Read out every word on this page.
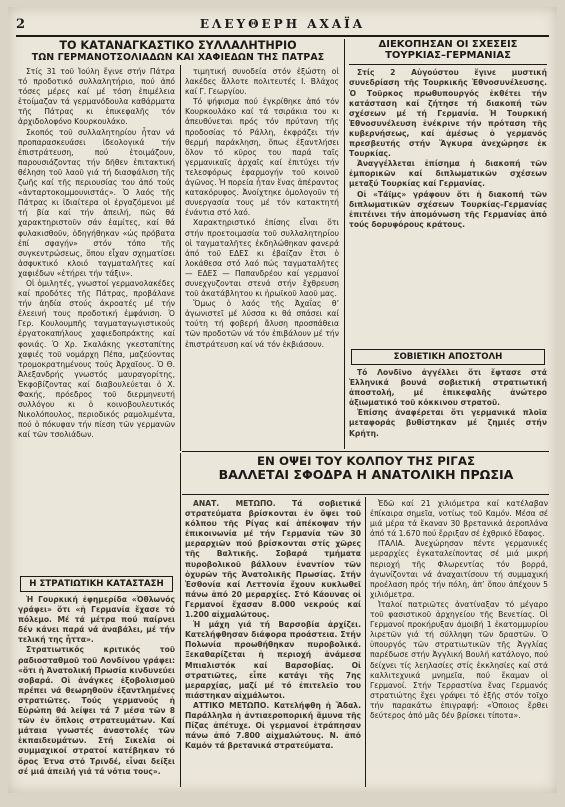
2	ΕΛΕΥΘΕΡΗ ΑΧΑΪΑ
ΤΟ ΚΑΤΑΝΑΓΚΑΣΤΙΚΟ ΣΥΛΛΑΛΗΤΗΡΙΟ
ΤΩΝ ΓΕΡΜΑΝΟΤΣΟΛΙΑΔΩΝ ΚΑΙ ΧΑΦΙΕΔΩΝ ΤΗΣ ΠΑΤΡΑΣ

Στίς 31 τοῦ Ἰούλη ἔγινε στήν Πάτρα τό προδοτικό συλλαλητήριο, πού ἀπό τόσες μέρες καί μέ τόση ἐπιμέλεια ἑτοίμαζαν τά γερμανόδουλα καθάρματα τῆς Πάτρας κι ἐπικεφαλῆς τόν ἀρχιδολοφόνο Κουρκουλάκο.

Σκοπός τοῦ συλλαλητηρίου ἦταν νά προπαρασκευάσει ἰδεολογικά τήν ἐπιστράτευση, πού ἑτοιμάζουν, παρουσιάζοντας τήν δῆθεν ἐπιτακτική θέληση τοῦ λαοῦ γιά τή διασφάλιση τῆς ζωῆς καί τῆς περιουσίας του ἀπό τούς «ἀνταρτοκομμουνιστάς». Ὁ λαός τῆς Πάτρας κι ἰδιαίτερα οἱ ἐργαζόμενοι μέ τή βία καί τήν ἀπειλή, πῶς θά χαρακτηριστοῦν σάν ἐαμίτες, καί θά φυλακισθοῦν, ὁδηγήθηκαν «ὡς πρόβατα ἐπί σφαγήν» στόν τόπο τῆς συγκεντρώσεως, ὅπου εἶχαν σχηματίσει ἀσφυκτικό κλοιό ταγματαλῆτες καί χαφιέδων «ἐτήρει τήν τάξιν».

Οἱ ὁμιλητές, γνωστοί γερμανολακέδες καί προδότες τῆς Πάτρας, προβάλανε τήν ἀηδία στούς ἀκροατές μέ τήν ἐλεεινή τους προδοτική ἐμφάνιση. Ὁ Γερ. Κουλουμπῆς ταγματαγωγιστικούς ἐργατοκαπήλους χαφιεδοπράκτης καί φονιάς. Ὁ Χρ. Σκαλάκης γκεσταπίτης χαφιές τοῦ νομάρχη Πέπα, μαζεύοντας τρομοκρατημένους τούς Ἀρχαῖους. Ὁ Θ. Ἀλεξανδρής γνωστός μαυραγορίτης, Ἐκφοβίζοντας καί διαβουλεύεται ὁ Χ. Φακής, πρόεδρος τοῦ διερμηνευτή συλλόγου κι ὁ κοινοβουλευτικός Νικολόπουλος, περιοδικός ραμολιμέντα, πού ὁ πόκυφαν τήν πίεση τῶν γερμανῶν καί τῶν τσολιάδων.

τιμητική συνοδεία στόν ἐξώστη οἱ λακέδες ἄλλοτε πολιτευτές Ι. Βλάχος καί Γ. Γεωργίου.

Τό ψήφισμα πού ἐγκρίθηκε ἀπό τόν Κουρκουλάκο καί τά τσιράκια του κι ἀπευθύνεται πρός τόν πρύτανη τῆς προδοσίας τό Ράλλη, ἐκφράζει τήν θερμή παράκληση, ὅπως ἐξαντλήσει ὅλον τό κῦρος του παρά ταῖς γερμανικαῖς ἀρχαῖς καί ἐπιτύχει τήν τελεσφόρως ἐφαρμογήν τοῦ κοινοῦ ἀγῶνος. Ἡ πορεία ἦταν ἕνας ἀπέραντος κατακόρυφος. Ἀνοίχτηκε ὁμολογοῦν τή συνεργασία τους μέ τόν κατακτητή ἐνάντια στό λαό.

Χαρακτηριστικό ἐπίσης εἶναι ὅτι στήν προετοιμασία τοῦ συλλαλητηρίου οἱ ταγματαλῆτες ἐκδηλώθηκαν φανερά ἀπό τοῦ ΕΔΕΣ κι ἐβαίζαν ἔτσι ὁ λοκάθεσα στό λαό πώς ταγματαλῆτες — ΕΔΕΣ — Παπανδρέου καί γερμανοί συνεχγυζονται στενά στήν ἔχθρευση τοῦ ἀκατάβλητου κι ἡρωϊκοῦ λαοῦ μας.

Ὅμως ὁ λαός τῆς Ἀχαΐας θ’ ἀγωνιστεῖ μέ λύσσα κι θά σπάσει καί τούτη τή φοβερή ἄλυση προσπάθεια τῶν προδοτῶν νά τόν ἐπιβάλουν μέ τήν ἐπιστράτευση καί νά τόν ἐκβιάσουν.

Η ΣΤΡΑΤΙΩΤΙΚΗ ΚΑΤΑΣΤΑΣΗ

Ἡ Γουρκική ἐφημερίδα «Ὀθλωνός γράφει» ὅτι «ἡ Γερμανία ἔχασε τό πόλεμο. Μέ τά μέτρα πού παίρνει δέν κάνει παρά νά ἀναβάλει, μέ τήν τελική της ἧττα».

Στρατιωτικός κριτικός τοῦ ραδιοσταθμοῦ τοῦ Λονδίνου γράφει: «ὅτι ἡ Ἀνατολική Πρωσία κινδυνεύει σοβαρά. Οἱ ἀνάγκες ἐξοβολισμοῦ πρέπει νά θεωρηθοῦν ἐξαντλημένες στρατιῶτες. Τούς γερμανούς ἡ Εὐρώπη θά λείψει τά 7 μέσα τῶν 8 τῶν ἐν ὅπλοις στρατευμάτων. Καί μάταια γνωστές ἀναστολές τῶν ἐκπαιδευμάτων. Στή Σικελία οἱ συμμαχικοί στρατοί κατέβηκαν τό ὄρος Ἑτνα στό Τρινδέ, εἶναι δείξει σέ μιά ἀπειλή γιά τά νότια τους».

ΔΙΕΚΟΠΗΣΑΝ ΟΙ ΣΧΕΣΕΙΣ ΤΟΥΡΚΙΑΣ–ΓΕΡΜΑΝΙΑΣ

Στίς 2 Αὐγούστου ἔγινε μυστική συνεδρίαση τῆς Τουρκικῆς Ἐθνοσυνέλευσης. Ὁ Τοῦρκος πρωθυπουργός ἐκθέτει τήν κατάσταση καί ζήτησε τή διακοπή τῶν σχέσεων μέ τή Γερμανία. Ἡ Τουρκική Ἐθνοσυνέλευση ἐνέκρινε τήν πρόταση τῆς κυβερνήσεως, καί ἀμέσως ὁ γερμανός πρεσβευτής στήν Ἄγκυρα ἀνεχώρησε ἐκ Τουρκίας.

Ἀναγγέλλεται ἐπίσημα ἡ διακοπή τῶν ἐμπορικῶν καί διπλωματικῶν σχέσεων μεταξύ Τουρκίας καί Γερμανίας.

Οἱ «Τάϊμς» γράφουν ὅτι ἡ διακοπή τῶν διπλωματικῶν σχέσεων Τουρκίας–Γερμανίας ἐπιτέινει τήν ἀπομόνωση τῆς Γερμανίας ἀπό τούς δορυφόρους κράτους.

ΣΟΒΙΕΤΙΚΗ ΑΠΟΣΤΟΛΗ

Τό Λονδῖνο ἀγγέλλει ὅτι ἔφτασε στά Ἑλληνικά βουνά σοβιετική στρατιωτική ἀποστολή, μέ ἐπικεφαλῆς ἀνώτερο ἀξιωματικό τοῦ κόκκινου στρατοῦ.

Ἐπίσης ἀναφέρεται ὅτι γερμανικά πλοῖα μεταφοράς βυθίστηκαν μέ ζημιές στήν Κρήτη.

ΕΝ ΟΨΕΙ ΤΟΥ ΚΟΛΠΟΥ ΤΗΣ ΡΙΓΑΣ
ΒΑΛΛΕΤΑΙ ΣΦΟΔΡΑ Η ΑΝΑΤΟΛΙΚΗ ΠΡΩΣΙΑ

ΑΝΑΤ. ΜΕΤΩΠΟ. Τά σοβιετικά στρατεύματα βρίσκονται ἐν ὄψει τοῦ κόλπου τῆς Ρίγας καί ἀπέκοψαν τήν ἐπικοινωνία μέ τήν Γερμανία τῶν 30 μεραρχιῶν πού βρίσκονται στίς χῶρες τῆς Βαλτικῆς. Σοβαρά τμήματα πυροβολικοῦ βάλλουν ἐναντίον τῶν ὀχυρῶν τῆς Ἀνατολικῆς Πρωσίας. Στήν Ἐσθονία καί Λεττονία ἔχουν κυκλωθεῖ πάνω ἀπό 20 μεραρχίες. Στό Κάουνας οἱ Γερμανοί ἔχασαν 8.000 νεκρούς καί 1.200 αἰχμαλώτους.

Ἡ μάχη γιά τή Βαρσοβία ἀρχίζει. Κατελήφθησαν διάφορα προάστεια. Στήν Πολωνία προωθήθηκαν πυροβολικά. Ξεκαθαρίζεται ἡ περιοχή ἀνάμεσα Μπιαλιστόκ καί Βαρσοβίας. Οἱ στρατιῶτες, εἶπε κατάγι τῆς 7ης μεραρχίας, μαζί μέ τό ἐπιτελεῖο του πιάστηκαν αἰχμάλωτοι.

ΑΤΤΙΚΟ ΜΕΤΩΠΟ. Κατελήφθη ἡ Ἄδαλ. Παράλληλα ἡ ἀντιαεροπορική ἄμυνα τῆς Πίζας ἀπέτυχε. Οἱ γερμανοί ἐτράπησαν πάνω ἀπό 7.800 αἰχμαλώτους. Ν. ἀπό Καμόν τά βρετανικά στρατεύματα.

Ἐδῶ καί 21 χιλιόμετρα καί κατέλαβαν ἐπίκαιρα σημεῖα, νοτίως τοῦ Καμόν. Μέσα σέ μιά μέρα τά ἔκαναν 30 βρετανικά ἀεροπλάνα ἀπό τά 1.670 πού ἔρριξαν σέ ἐχθρικό ἔδαφος.

ΙΤΑΛΙΑ. Ἀνεχώρησαν πέντε γερμανικές μεραρχίες ἐγκαταλείποντας σέ μιά μικρή περιοχή τῆς Φλωρεντίας τόν βορρά, ἀγωνίζονται νά ἀναχαιτίσουν τή συμμαχική προέλαση πρός τήν πόλη, ἀπ’ ὅπου ἀπέχουν 5 χιλιόμετρα.

Ἰταλοί πατριῶτες ἀνατίναξαν τό μέγαρο τοῦ φασιστικοῦ ἀρχηγείου τῆς Βενετίας. Οἱ Γερμανοί προκήρυξαν ἀμοιβή 1 ἑκατομμυρίου λιρετῶν γιά τή σύλληψη τῶν δραστῶν. Ὁ ὑπουργός τῶν στρατιωτικῶν τῆς Ἀγγλίας παρέδωσε στήν Ἀγγλική Βουλή κατάλογο, πού δείχνει τίς λεηλασίες στίς ἐκκλησίες καί στά καλλιτεχνικά μνημεῖα, πού ἔκαμαν οἱ Γερμανοί. Στήν Τερραστίνα ἕνας Γερμανός στρατιώτης ἔχει γράψει τό ἑξῆς στόν τοῖχο τήν παρακάτω ἐπιγραφή: «Ὁποιος ἔρθει δεύτερος ἀπό μᾶς δέν βρίσκει τίποτα».
